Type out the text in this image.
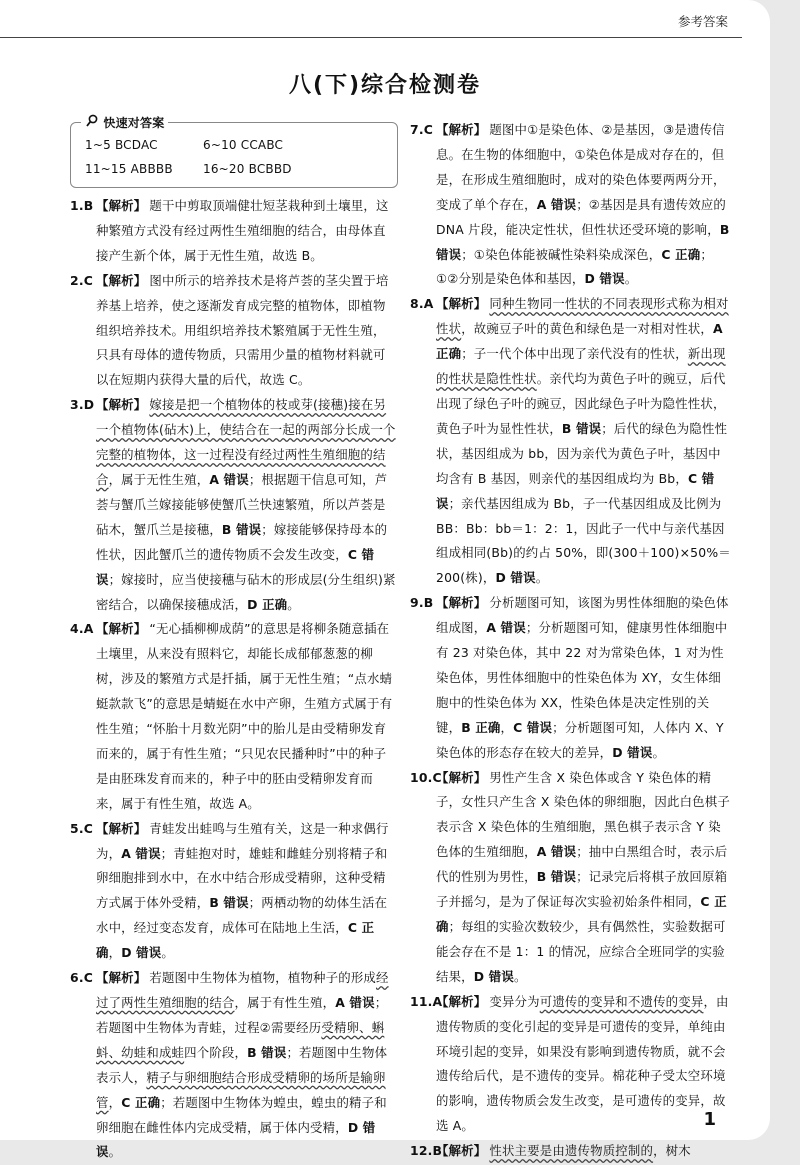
参考答案
八(下)综合检测卷
快速对答案
1~5 BCDAC	6~10 CCABC
11~15 ABBBB	16~20 BCBBD
1.B 【解析】 题干中剪取顶端健壮短茎栽种到土壤里，这种繁殖方式没有经过两性生殖细胞的结合，由母体直接产生新个体，属于无性生殖，故选 B。
2.C 【解析】 图中所示的培养技术是将芦荟的茎尖置于培养基上培养，使之逐渐发育成完整的植物体，即植物组织培养技术。用组织培养技术繁殖属于无性生殖，只具有母体的遗传物质，只需用少量的植物材料就可以在短期内获得大量的后代，故选 C。
3.D 【解析】 嫁接是把一个植物体的枝或芽(接穗)接在另一个植物体(砧木)上，使结合在一起的两部分长成一个完整的植物体，这一过程没有经过两性生殖细胞的结合，属于无性生殖，A 错误；根据题干信息可知，芦荟与蟹爪兰嫁接能够使蟹爪兰快速繁殖，所以芦荟是砧木，蟹爪兰是接穗，B 错误；嫁接能够保持母本的性状，因此蟹爪兰的遗传物质不会发生改变，C 错误；嫁接时，应当使接穗与砧木的形成层(分生组织)紧密结合，以确保接穗成活，D 正确。
4.A 【解析】 “无心插柳柳成荫”的意思是将柳条随意插在土壤里，从来没有照料它，却能长成郁郁葱葱的柳树，涉及的繁殖方式是扦插，属于无性生殖；“点水蜻蜓款款飞”的意思是蜻蜓在水中产卵，生殖方式属于有性生殖；“怀胎十月数光阴”中的胎儿是由受精卵发育而来的，属于有性生殖；“只见农民播种时”中的种子是由胚珠发育而来的，种子中的胚由受精卵发育而来，属于有性生殖，故选 A。
5.C 【解析】 青蛙发出蛙鸣与生殖有关，这是一种求偶行为，A 错误；青蛙抱对时，雄蛙和雌蛙分别将精子和卵细胞排到水中，在水中结合形成受精卵，这种受精方式属于体外受精，B 错误；两栖动物的幼体生活在水中，经过变态发育，成体可在陆地上生活，C 正确，D 错误。
6.C 【解析】 若题图中生物体为植物，植物种子的形成经过了两性生殖细胞的结合，属于有性生殖，A 错误；若题图中生物体为青蛙，过程②需要经历受精卵、蝌蚪、幼蛙和成蛙四个阶段，B 错误；若题图中生物体表示人，精子与卵细胞结合形成受精卵的场所是输卵管，C 正确；若题图中生物体为蝗虫，蝗虫的精子和卵细胞在雌性体内完成受精，属于体内受精，D 错误。
7.C 【解析】 题图中①是染色体、②是基因，③是遗传信息。在生物的体细胞中，①染色体是成对存在的，但是，在形成生殖细胞时，成对的染色体要两两分开，变成了单个存在，A 错误；②基因是具有遗传效应的 DNA 片段，能决定性状，但性状还受环境的影响，B 错误；①染色体能被碱性染料染成深色，C 正确；①②分别是染色体和基因，D 错误。
8.A 【解析】 同种生物同一性状的不同表现形式称为相对性状，故豌豆子叶的黄色和绿色是一对相对性状，A 正确；子一代个体中出现了亲代没有的性状，新出现的性状是隐性性状。亲代均为黄色子叶的豌豆，后代出现了绿色子叶的豌豆，因此绿色子叶为隐性性状，黄色子叶为显性性状，B 错误；后代的绿色为隐性性状，基因组成为 bb，因为亲代为黄色子叶，基因中均含有 B 基因，则亲代的基因组成均为 Bb，C 错误；亲代基因组成为 Bb，子一代基因组成及比例为 BB：Bb：bb＝1：2：1，因此子一代中与亲代基因组成相同(Bb)的约占 50%，即(300＋100)×50%＝200(株)，D 错误。
9.B 【解析】 分析题图可知，该图为男性体细胞的染色体组成图，A 错误；分析题图可知，健康男性体细胞中有 23 对染色体，其中 22 对为常染色体，1 对为性染色体，男性体细胞中的性染色体为 XY，女生体细胞中的性染色体为 XX，性染色体是决定性别的关键，B 正确，C 错误；分析题图可知，人体内 X、Y 染色体的形态存在较大的差异，D 错误。
10.C
【解析】 男性产生含 X 染色体或含 Y 染色体的精子，女性只产生含 X 染色体的卵细胞，因此白色棋子表示含 X 染色体的生殖细胞，黑色棋子表示含 Y 染色体的生殖细胞，A 错误；抽中白黑组合时，表示后代的性别为男性，B 错误；记录完后将棋子放回原箱子并摇匀，是为了保证每次实验初始条件相同，C 正确；每组的实验次数较少，具有偶然性，实验数据可能会存在不是 1：1 的情况，应综合全班同学的实验结果，D 错误。
11.A
【解析】 变异分为可遗传的变异和不遗传的变异，由遗传物质的变化引起的变异是可遗传的变异，单纯由环境引起的变异，如果没有影响到遗传物质，就不会遗传给后代，是不遗传的变异。棉花种子受太空环境的影响，遗传物质会发生改变，是可遗传的变异，故选 A。
12.B
【解析】 性状主要是由遗传物质控制的，树木
1
